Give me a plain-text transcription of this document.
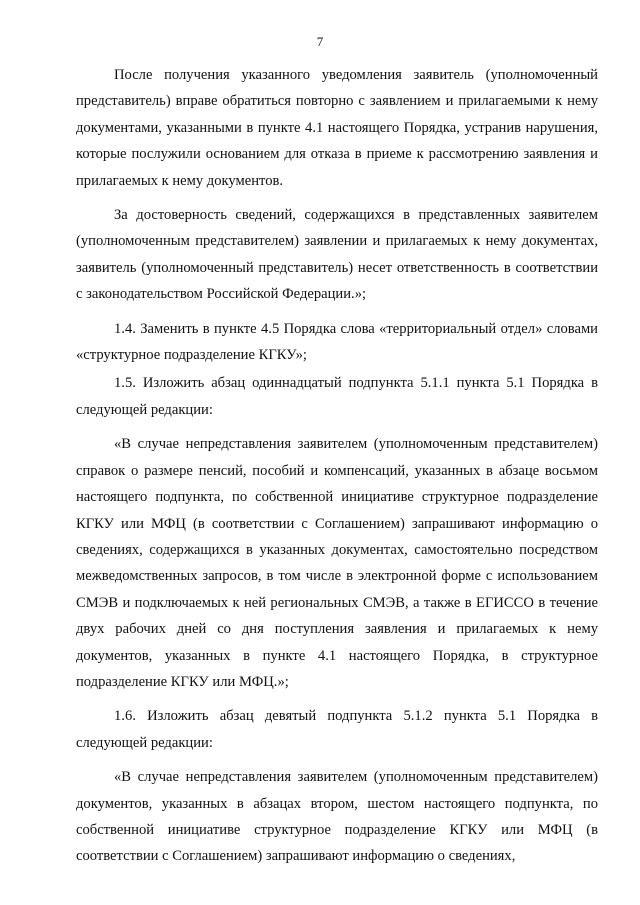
7

После получения указанного уведомления заявитель (уполномоченный представитель) вправе обратиться повторно с заявлением и прилагаемыми к нему документами, указанными в пункте 4.1 настоящего Порядка, устранив нарушения, которые послужили основанием для отказа в приеме к рассмотрению заявления и прилагаемых к нему документов.

За достоверность сведений, содержащихся в представленных заявителем (уполномоченным представителем) заявлении и прилагаемых к нему документах, заявитель (уполномоченный представитель) несет ответственность в соответствии с законодательством Российской Федерации.»;

1.4. Заменить в пункте 4.5 Порядка слова «территориальный отдел» словами «структурное подразделение КГКУ»;

1.5. Изложить абзац одиннадцатый подпункта 5.1.1 пункта 5.1 Порядка в следующей редакции:

«В случае непредставления заявителем (уполномоченным представителем) справок о размере пенсий, пособий и компенсаций, указанных в абзаце восьмом настоящего подпункта, по собственной инициативе структурное подразделение КГКУ или МФЦ (в соответствии с Соглашением) запрашивают информацию о сведениях, содержащихся в указанных документах, самостоятельно посредством межведомственных запросов, в том числе в электронной форме с использованием СМЭВ и подключаемых к ней региональных СМЭВ, а также в ЕГИССО в течение двух рабочих дней со дня поступления заявления и прилагаемых к нему документов, указанных в пункте 4.1 настоящего Порядка, в структурное подразделение КГКУ или МФЦ.»;

1.6. Изложить абзац девятый подпункта 5.1.2 пункта 5.1 Порядка в следующей редакции:

«В случае непредставления заявителем (уполномоченным представителем) документов, указанных в абзацах втором, шестом настоящего подпункта, по собственной инициативе структурное подразделение КГКУ или МФЦ (в соответствии с Соглашением) запрашивают информацию о сведениях,
